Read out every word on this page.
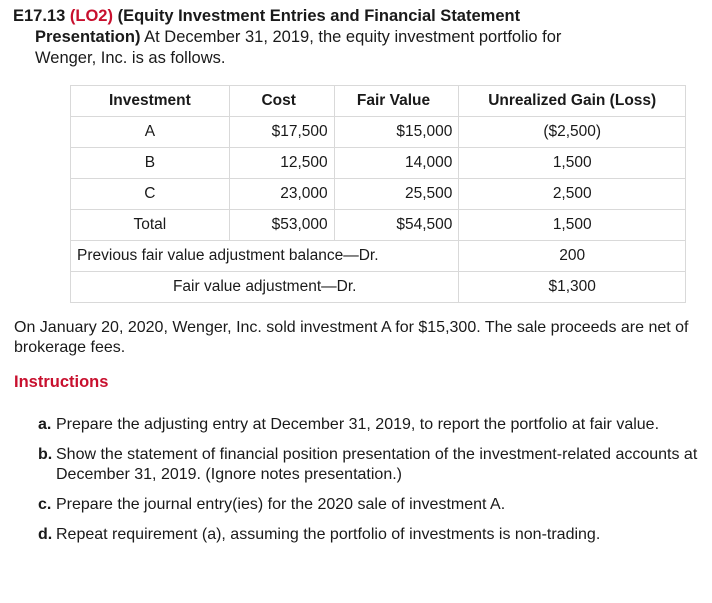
E17.13 (LO2) (Equity Investment Entries and Financial Statement
Presentation) At December 31, 2019, the equity investment portfolio for
Wenger, Inc. is as follows.
Investment	Cost	Fair Value	Unrealized Gain (Loss)
A	$17,500	$15,000	($2,500)
B	12,500	14,000	1,500
C	23,000	25,500	2,500
Total	$53,000	$54,500	1,500
Previous fair value adjustment balance—Dr.			200
Fair value adjustment—Dr.			$1,300
On January 20, 2020, Wenger, Inc. sold investment A for $15,300. The sale proceeds are net of brokerage fees.
Instructions
a. Prepare the adjusting entry at December 31, 2019, to report the portfolio at fair value.
b. Show the statement of financial position presentation of the investment-related accounts at December 31, 2019. (Ignore notes presentation.)
c. Prepare the journal entry(ies) for the 2020 sale of investment A.
d. Repeat requirement (a), assuming the portfolio of investments is non-trading.
